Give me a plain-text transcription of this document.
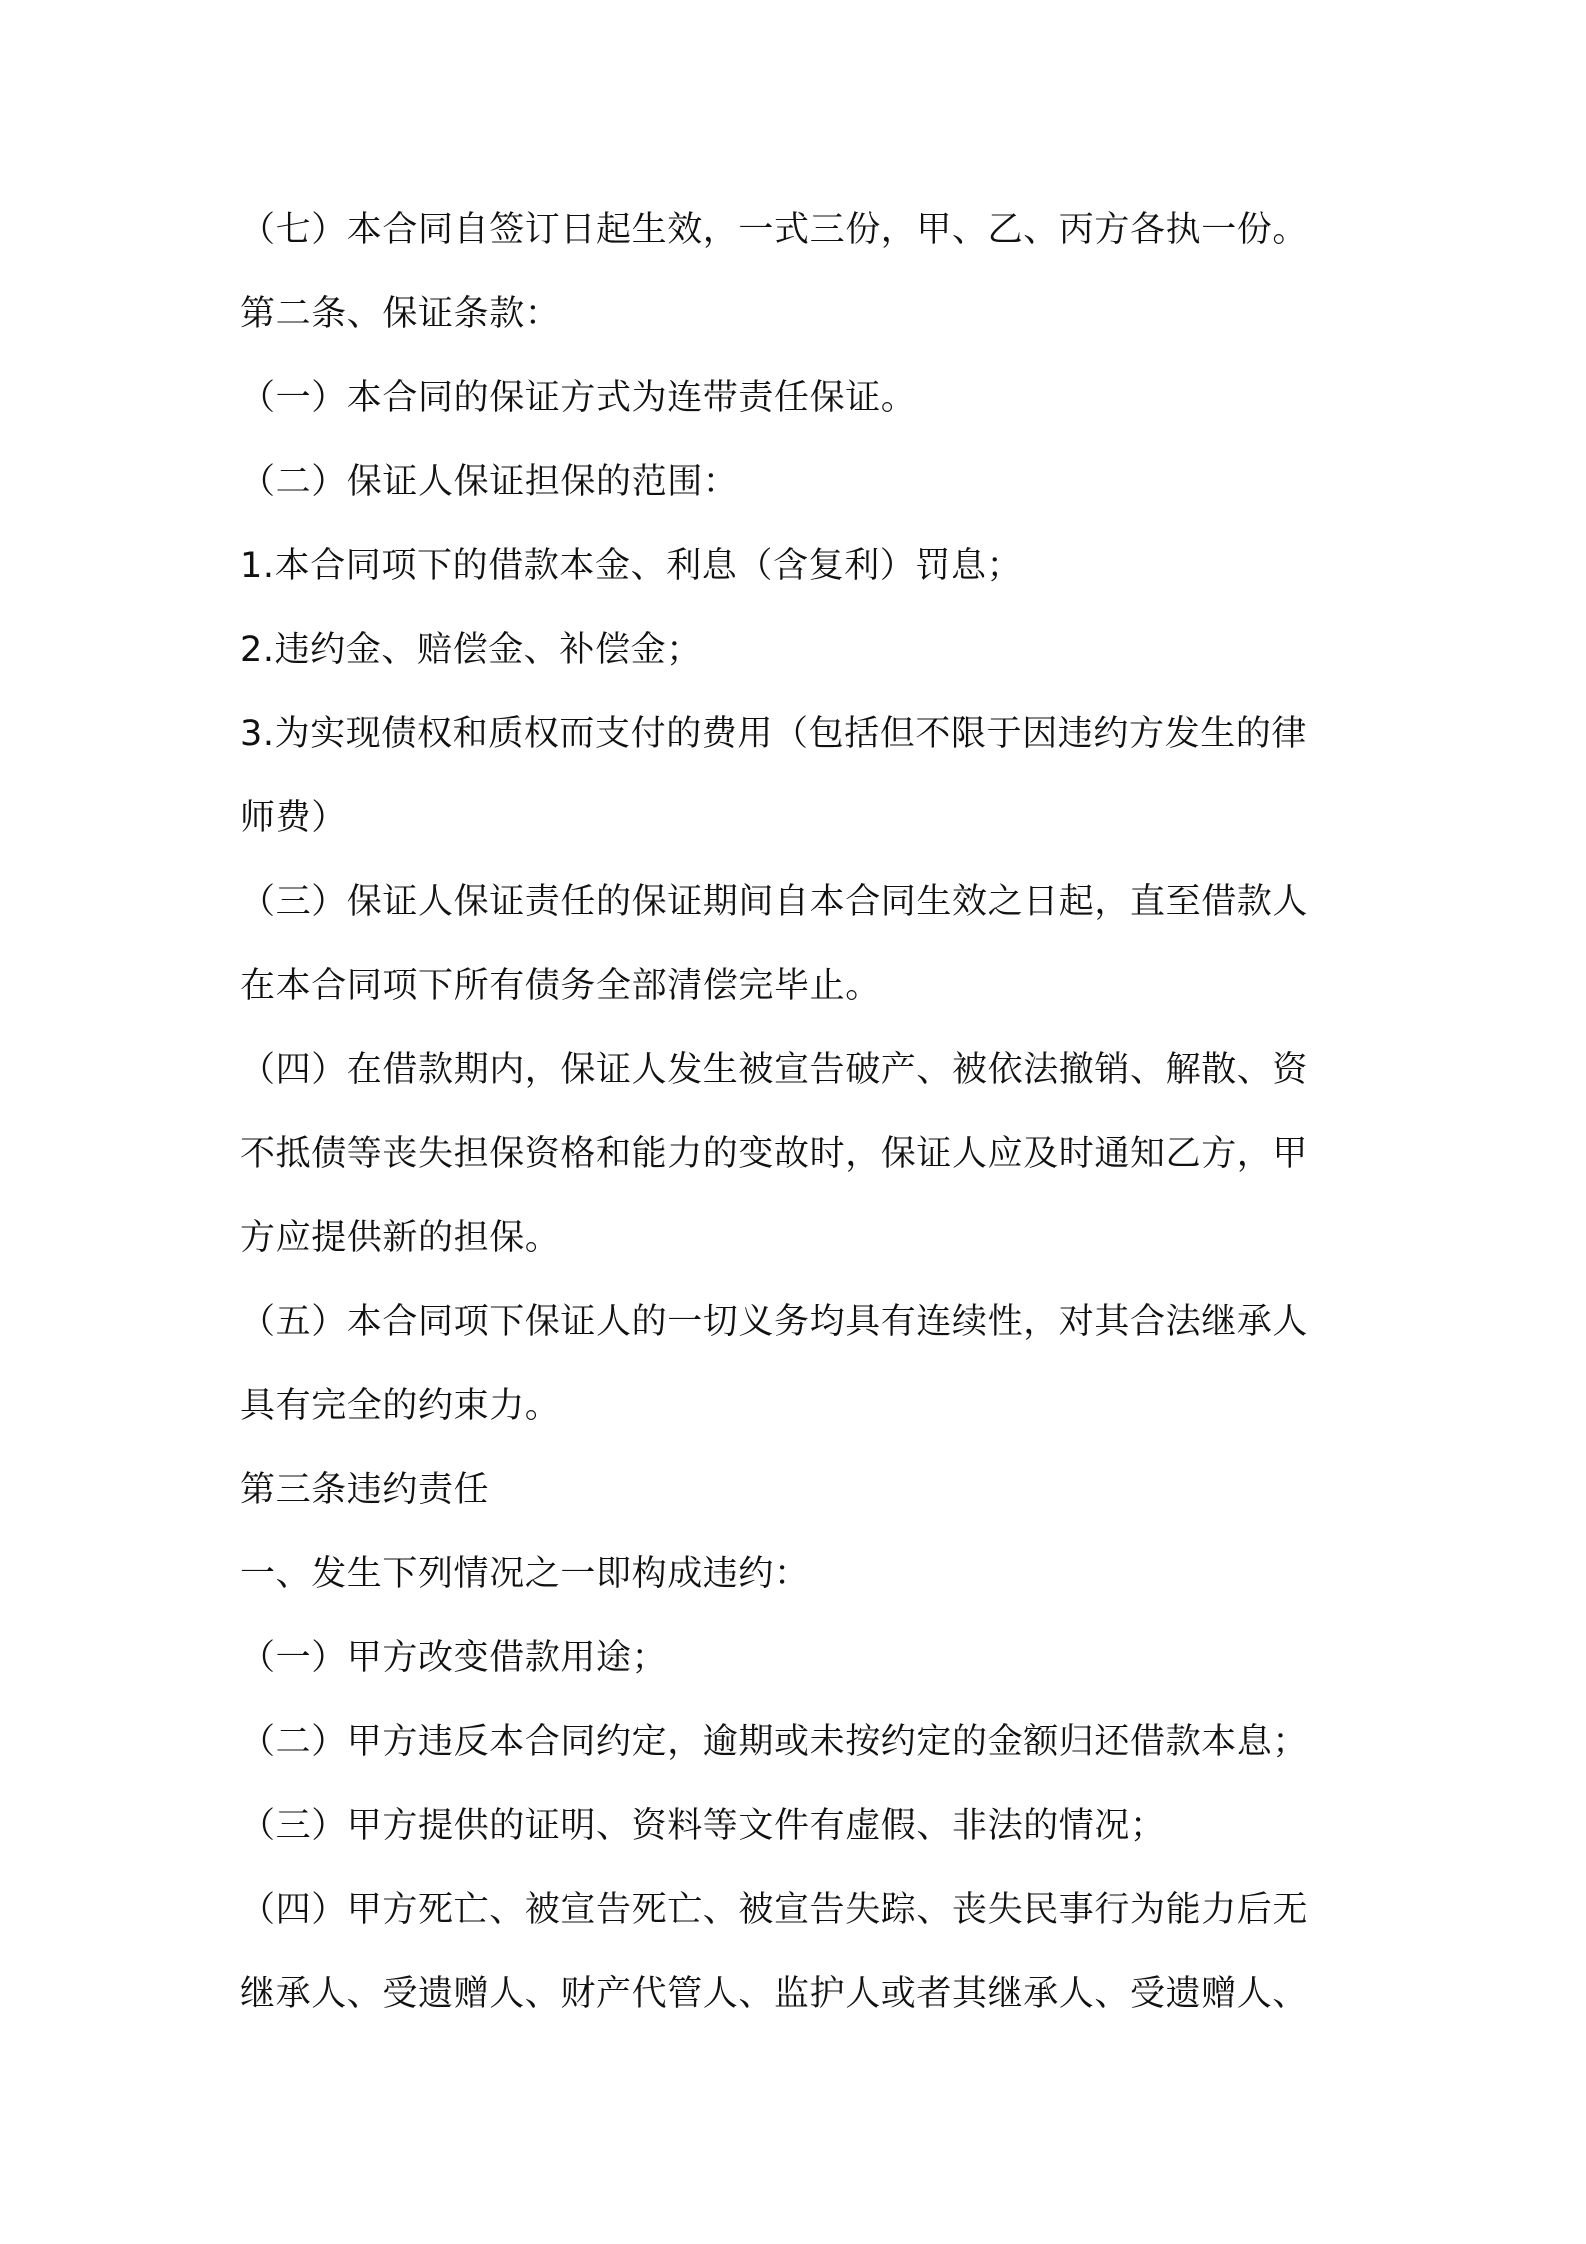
（七）本合同自签订日起生效，一式三份，甲、乙、丙方各执一份。
第二条、保证条款：
（一）本合同的保证方式为连带责任保证。
（二）保证人保证担保的范围：
1.本合同项下的借款本金、利息（含复利）罚息；
2.违约金、赔偿金、补偿金；
3.为实现债权和质权而支付的费用（包括但不限于因违约方发生的律
师费）
（三）保证人保证责任的保证期间自本合同生效之日起，直至借款人
在本合同项下所有债务全部清偿完毕止。
（四）在借款期内，保证人发生被宣告破产、被依法撤销、解散、资
不抵债等丧失担保资格和能力的变故时，保证人应及时通知乙方，甲
方应提供新的担保。
（五）本合同项下保证人的一切义务均具有连续性，对其合法继承人
具有完全的约束力。
第三条违约责任
一、发生下列情况之一即构成违约：
（一）甲方改变借款用途；
（二）甲方违反本合同约定，逾期或未按约定的金额归还借款本息；
（三）甲方提供的证明、资料等文件有虚假、非法的情况；
（四）甲方死亡、被宣告死亡、被宣告失踪、丧失民事行为能力后无
继承人、受遗赠人、财产代管人、监护人或者其继承人、受遗赠人、
